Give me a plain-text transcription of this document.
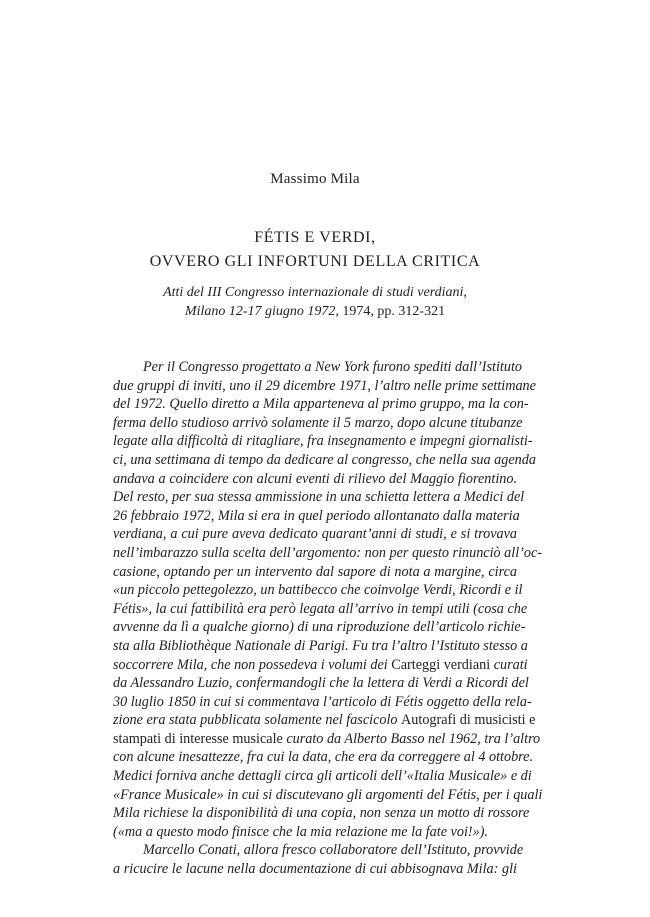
Massimo Mila
FÉTIS E VERDI,
OVVERO GLI INFORTUNI DELLA CRITICA
Atti del III Congresso internazionale di studi verdiani,
Milano 12-17 giugno 1972, 1974, pp. 312-321
Per il Congresso progettato a New York furono spediti dall’Istituto
due gruppi di inviti, uno il 29 dicembre 1971, l’altro nelle prime settimane
del 1972. Quello diretto a Mila apparteneva al primo gruppo, ma la con-
ferma dello studioso arrivò solamente il 5 marzo, dopo alcune titubanze
legate alla difficoltà di ritagliare, fra insegnamento e impegni giornalisti-
ci, una settimana di tempo da dedicare al congresso, che nella sua agenda
andava a coincidere con alcuni eventi di rilievo del Maggio fiorentino.
Del resto, per sua stessa ammissione in una schietta lettera a Medici del
26 febbraio 1972, Mila si era in quel periodo allontanato dalla materia
verdiana, a cui pure aveva dedicato quarant’anni di studi, e si trovava
nell’imbarazzo sulla scelta dell’argomento: non per questo rinunciò all’oc-
casione, optando per un intervento dal sapore di nota a margine, circa
«un piccolo pettegolezzo, un battibecco che coinvolge Verdi, Ricordi e il
Fétis», la cui fattibilità era però legata all’arrivo in tempi utili (cosa che
avvenne da lì a qualche giorno) di una riproduzione dell’articolo richie-
sta alla Bibliothèque Nationale di Parigi. Fu tra l’altro l’Istituto stesso a
soccorrere Mila, che non possedeva i volumi dei Carteggi verdiani curati
da Alessandro Luzio, confermandogli che la lettera di Verdi a Ricordi del
30 luglio 1850 in cui si commentava l’articolo di Fétis oggetto della rela-
zione era stata pubblicata solamente nel fascicolo Autografi di musicisti e
stampati di interesse musicale curato da Alberto Basso nel 1962, tra l’altro
con alcune inesattezze, fra cui la data, che era da correggere al 4 ottobre.
Medici forniva anche dettagli circa gli articoli dell’«Italia Musicale» e di
«France Musicale» in cui si discutevano gli argomenti del Fétis, per i quali
Mila richiese la disponibilità di una copia, non senza un motto di rossore
(«ma a questo modo finisce che la mia relazione me la fate voi!»).
Marcello Conati, allora fresco collaboratore dell’Istituto, provvide
a ricucire le lacune nella documentazione di cui abbisognava Mila: gli
